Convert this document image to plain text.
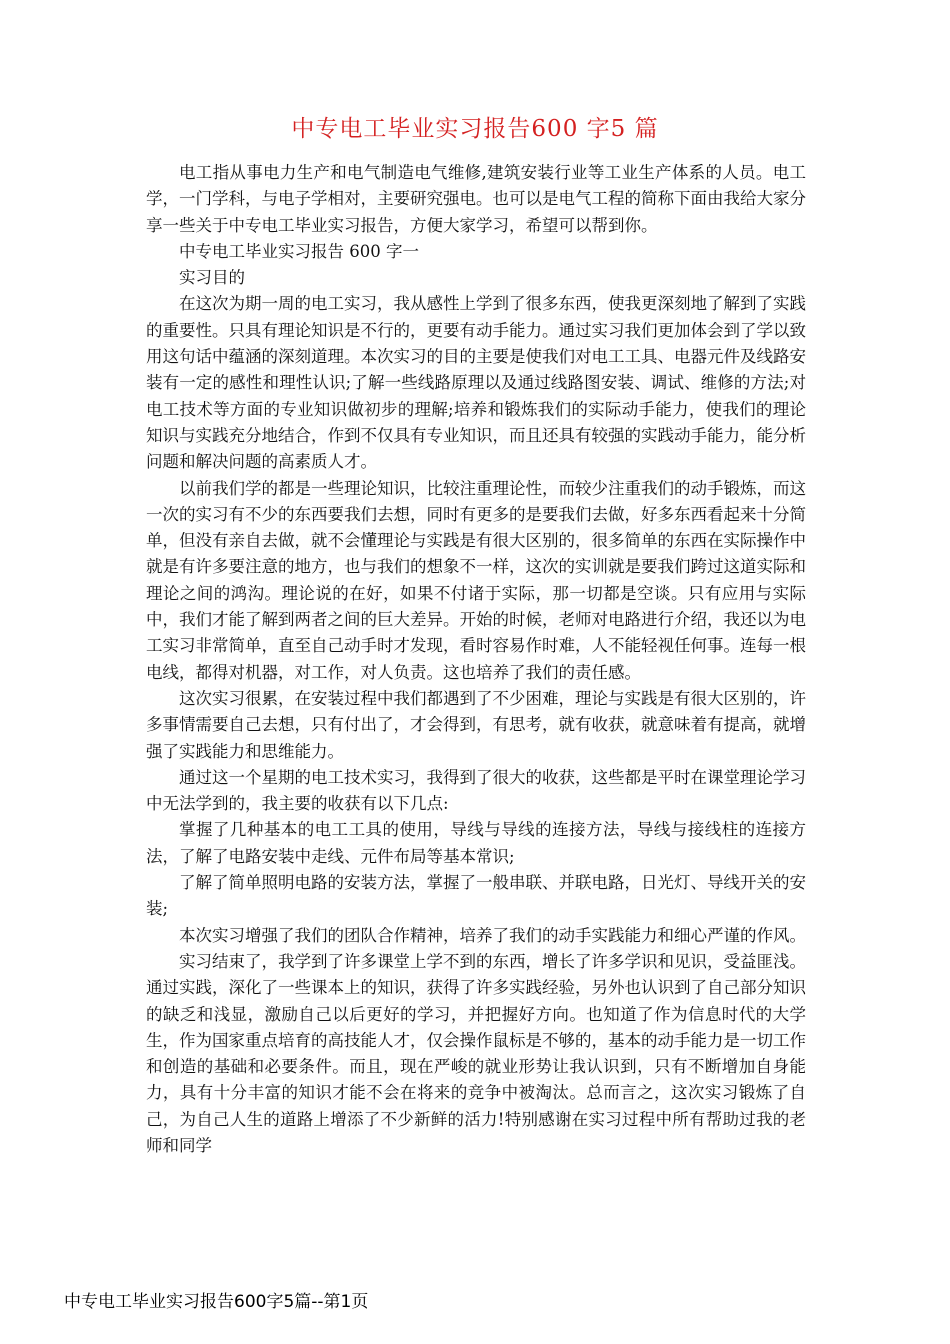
中专电工毕业实习报告600 字5 篇

电工指从事电力生产和电气制造电气维修,建筑安装行业等工业生产体系的人员。电工学，一门学科，与电子学相对，主要研究强电。也可以是电气工程的简称下面由我给大家分享一些关于中专电工毕业实习报告，方便大家学习，希望可以帮到你。

中专电工毕业实习报告 600 字一

实习目的

在这次为期一周的电工实习，我从感性上学到了很多东西，使我更深刻地了解到了实践的重要性。只具有理论知识是不行的，更要有动手能力。通过实习我们更加体会到了学以致用这句话中蕴涵的深刻道理。本次实习的目的主要是使我们对电工工具、电器元件及线路安装有一定的感性和理性认识;了解一些线路原理以及通过线路图安装、调试、维修的方法;对电工技术等方面的专业知识做初步的理解;培养和锻炼我们的实际动手能力，使我们的理论知识与实践充分地结合，作到不仅具有专业知识，而且还具有较强的实践动手能力，能分析问题和解决问题的高素质人才。

以前我们学的都是一些理论知识，比较注重理论性，而较少注重我们的动手锻炼，而这一次的实习有不少的东西要我们去想，同时有更多的是要我们去做，好多东西看起来十分简单，但没有亲自去做，就不会懂理论与实践是有很大区别的，很多简单的东西在实际操作中就是有许多要注意的地方，也与我们的想象不一样，这次的实训就是要我们跨过这道实际和理论之间的鸿沟。理论说的在好，如果不付诸于实际，那一切都是空谈。只有应用与实际中，我们才能了解到两者之间的巨大差异。开始的时候，老师对电路进行介绍，我还以为电工实习非常简单，直至自己动手时才发现，看时容易作时难，人不能轻视任何事。连每一根电线，都得对机器，对工作，对人负责。这也培养了我们的责任感。

这次实习很累，在安装过程中我们都遇到了不少困难，理论与实践是有很大区别的，许多事情需要自己去想，只有付出了，才会得到，有思考，就有收获，就意味着有提高，就增强了实践能力和思维能力。

通过这一个星期的电工技术实习，我得到了很大的收获，这些都是平时在课堂理论学习中无法学到的，我主要的收获有以下几点:

掌握了几种基本的电工工具的使用，导线与导线的连接方法，导线与接线柱的连接方法，了解了电路安装中走线、元件布局等基本常识;

了解了简单照明电路的安装方法，掌握了一般串联、并联电路，日光灯、导线开关的安装;

本次实习增强了我们的团队合作精神，培养了我们的动手实践能力和细心严谨的作风。

实习结束了，我学到了许多课堂上学不到的东西，增长了许多学识和见识，受益匪浅。通过实践，深化了一些课本上的知识，获得了许多实践经验，另外也认识到了自己部分知识的缺乏和浅显，激励自己以后更好的学习，并把握好方向。也知道了作为信息时代的大学生，作为国家重点培育的高技能人才，仅会操作鼠标是不够的，基本的动手能力是一切工作和创造的基础和必要条件。而且，现在严峻的就业形势让我认识到，只有不断增加自身能力，具有十分丰富的知识才能不会在将来的竞争中被淘汰。总而言之，这次实习锻炼了自己，为自己人生的道路上增添了不少新鲜的活力!特别感谢在实习过程中所有帮助过我的老师和同学

中专电工毕业实习报告600字5篇--第1页
